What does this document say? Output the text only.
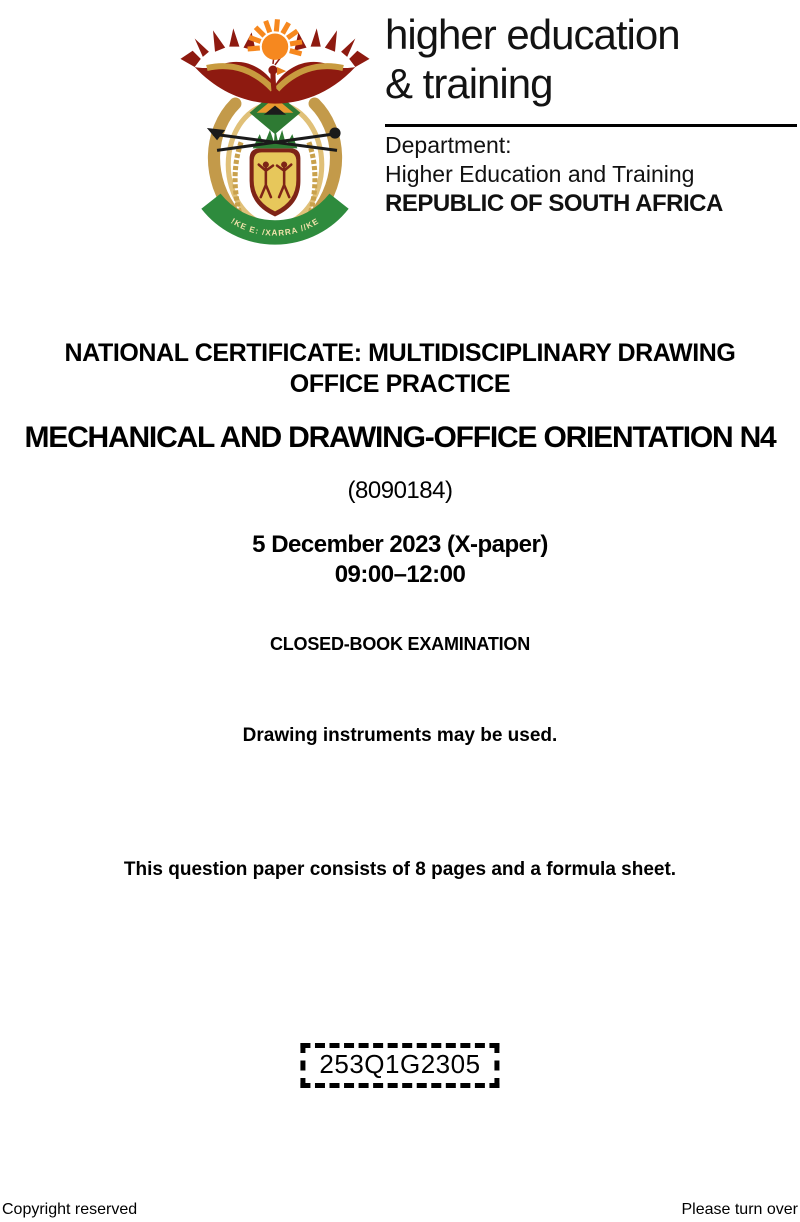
!KE E: /XARRA //KE
higher education
& training
Department:
Higher Education and Training
REPUBLIC OF SOUTH AFRICA
NATIONAL CERTIFICATE: MULTIDISCIPLINARY DRAWING
OFFICE PRACTICE
MECHANICAL AND DRAWING-OFFICE ORIENTATION N4
(8090184)
5 December 2023 (X-paper)
09:00–12:00
CLOSED-BOOK EXAMINATION
Drawing instruments may be used.
This question paper consists of 8 pages and a formula sheet.
253Q1G2305
Copyright reserved	Please turn over
